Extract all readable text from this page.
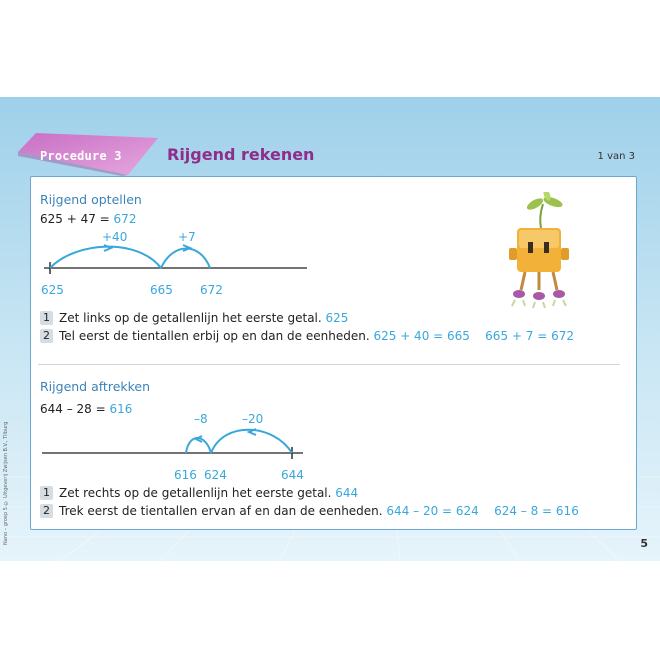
Procedure 3	Rijgend rekenen	1 van 3
Rijgend optellen
625 + 47 = 672
+40	+7
625	665 672
1 Zet links op de getallenlijn het eerste getal. 625
2 Tel eerst de tientallen erbij op en dan de eenheden. 625 + 40 = 665    665 + 7 = 672
Rijgend aftrekken
644 – 28 = 616
–8	–20
616 624	644
1 Zet rechts op de getallenlijn het eerste getal. 644
2 Trek eerst de tientallen ervan af en dan de eenheden. 644 – 20 = 624    624 – 8 = 616
5
Nano – groep 5 © Uitgeverij Zwijsen B.V., Tilburg
